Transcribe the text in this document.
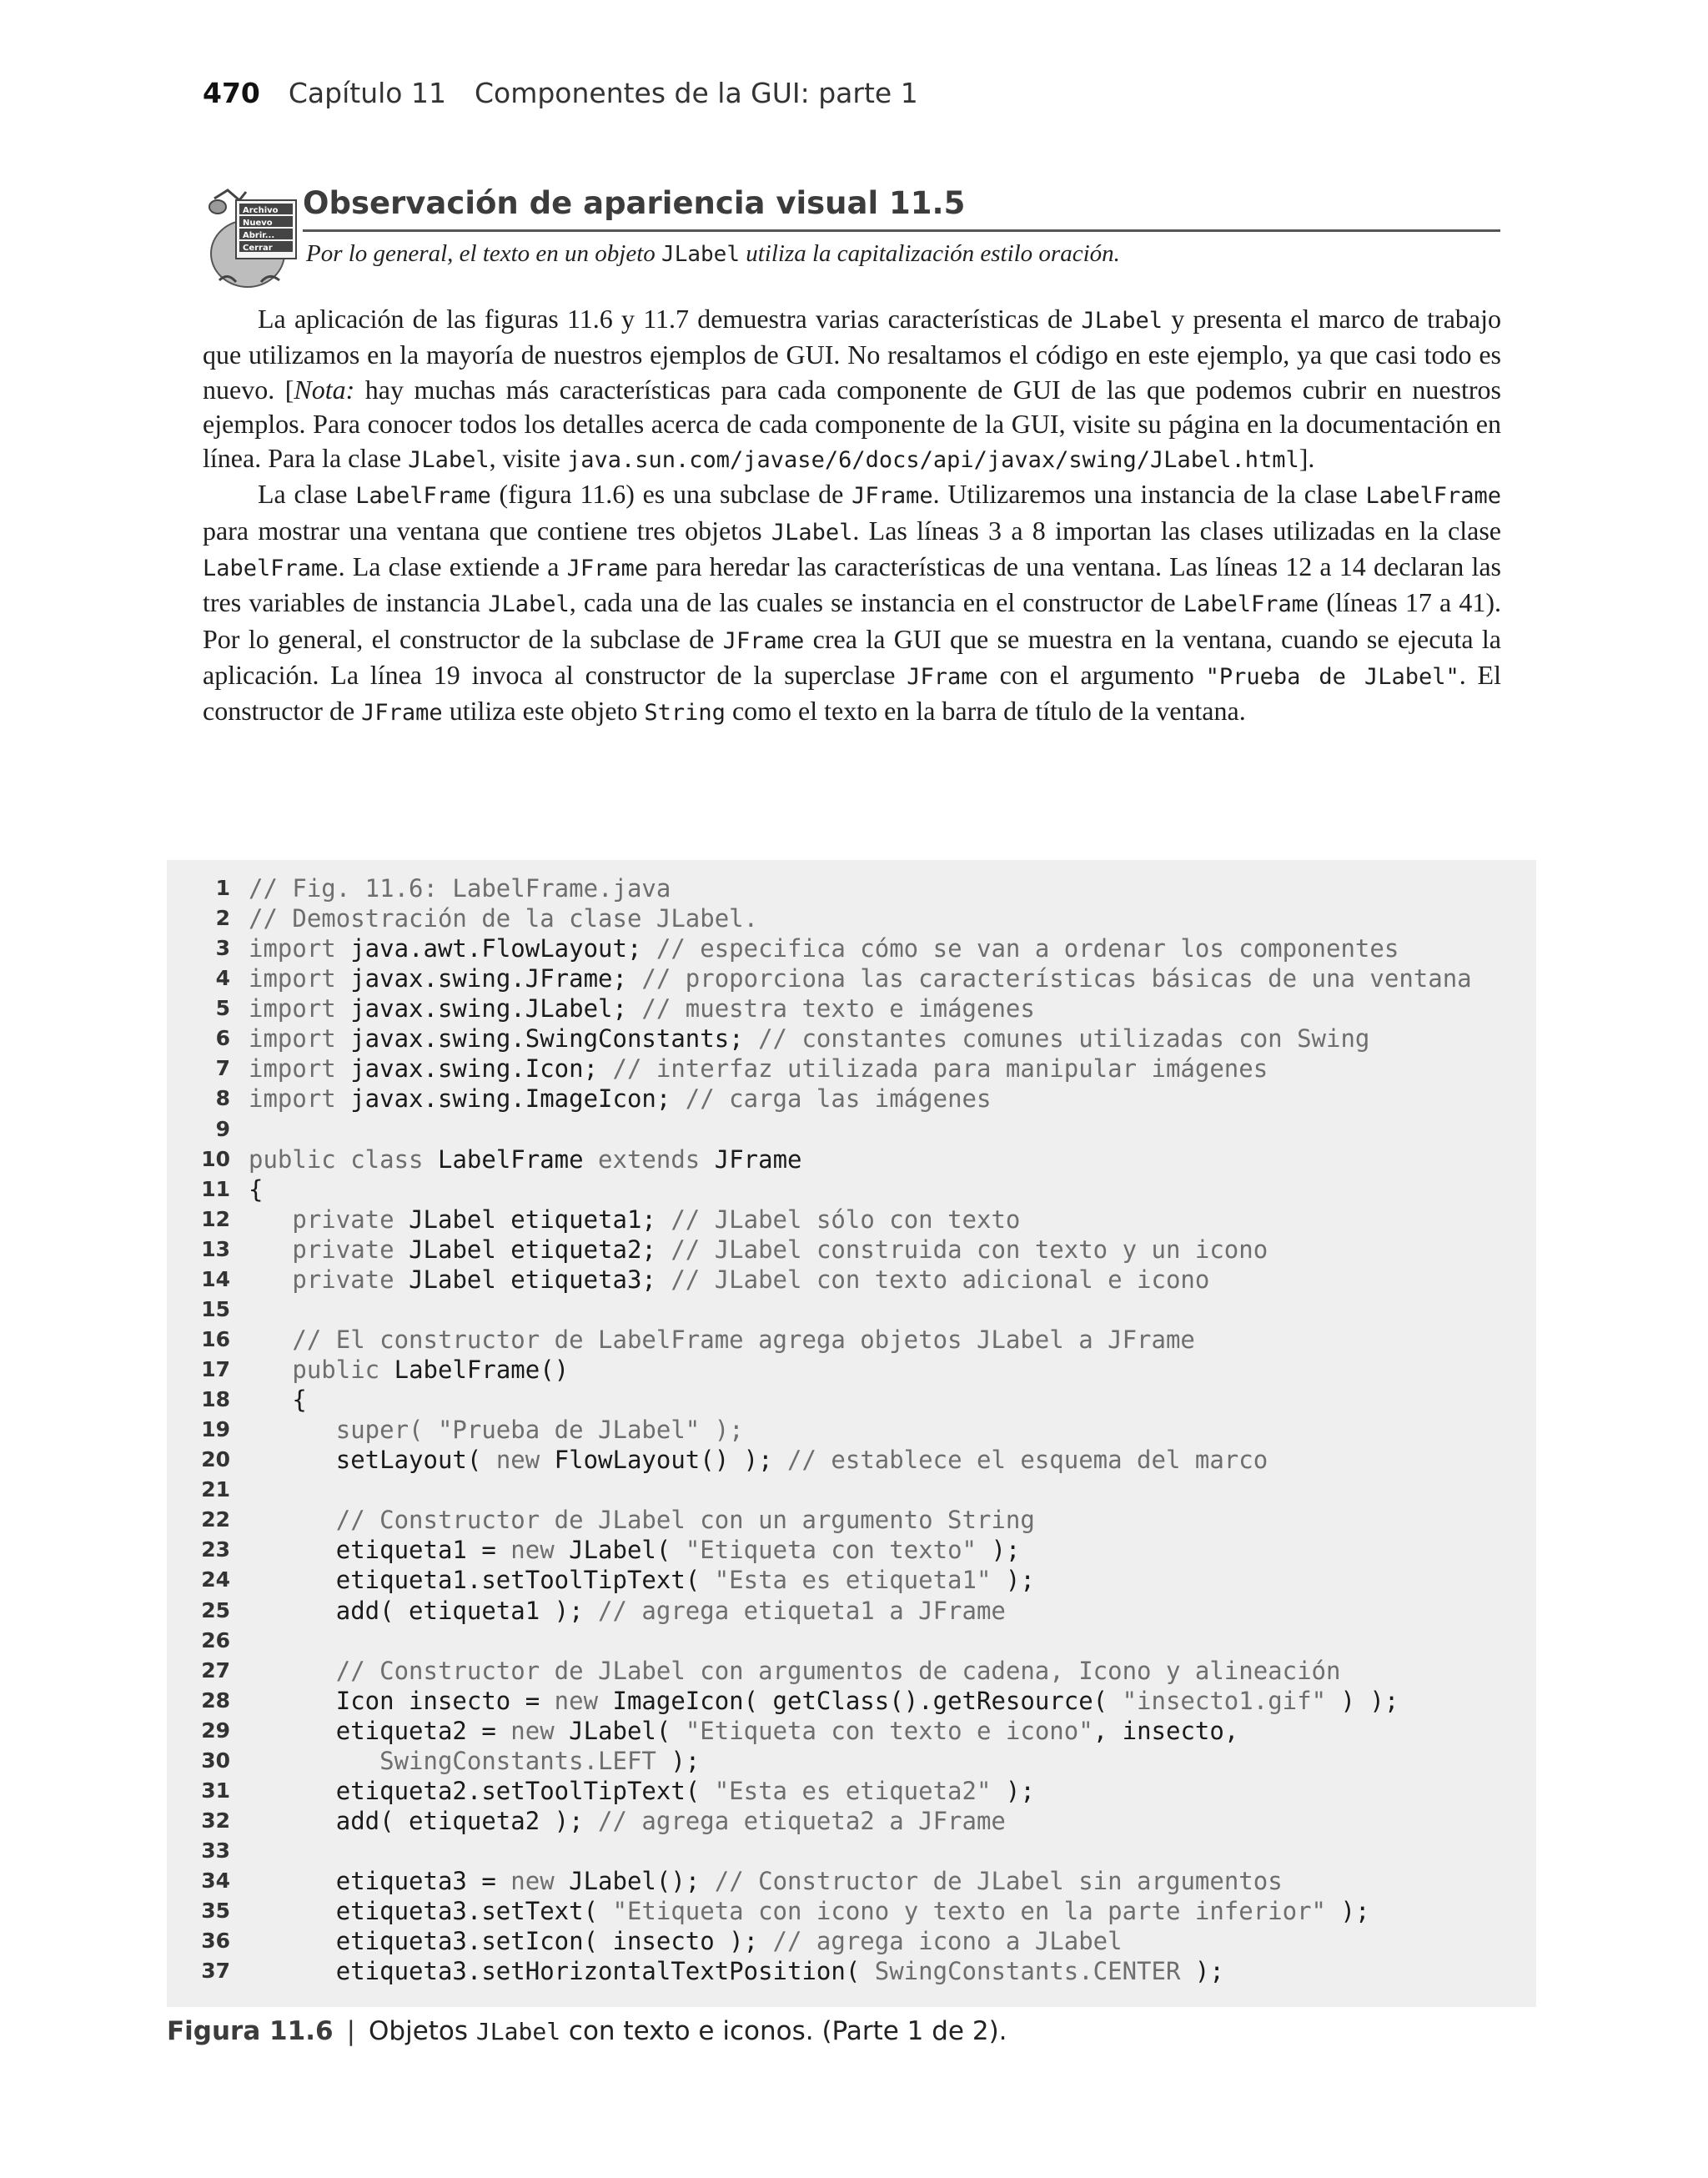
470 Capítulo 11 Componentes de la GUI: parte 1
Archivo
Nuevo
Abrir...
Cerrar
Observación de apariencia visual 11.5
Por lo general, el texto en un objeto JLabel utiliza la capitalización estilo oración.

La aplicación de las figuras 11.6 y 11.7 demuestra varias características de JLabel y presenta el marco de trabajo que utilizamos en la mayoría de nuestros ejemplos de GUI. No resaltamos el código en este ejemplo, ya que casi todo es nuevo. [Nota: hay muchas más características para cada componente de GUI de las que podemos cubrir en nuestros ejemplos. Para conocer todos los detalles acerca de cada componente de la GUI, visite su página en la documentación en línea. Para la clase JLabel, visite java.sun.com/javase/6/docs/api/javax/swing/JLabel.html].

La clase LabelFrame (figura 11.6) es una subclase de JFrame. Utilizaremos una instancia de la clase LabelFrame para mostrar una ventana que contiene tres objetos JLabel. Las líneas 3 a 8 importan las clases utilizadas en la clase LabelFrame. La clase extiende a JFrame para heredar las características de una ventana. Las líneas 12 a 14 declaran las tres variables de instancia JLabel, cada una de las cuales se instancia en el constructor de LabelFrame (líneas 17 a 41). Por lo general, el constructor de la subclase de JFrame crea la GUI que se muestra en la ventana, cuando se ejecuta la aplicación. La línea 19 invoca al constructor de la superclase JFrame con el argumento "Prueba de JLabel". El constructor de JFrame utiliza este objeto String como el texto en la barra de título de la ventana.

1 // Fig. 11.6: LabelFrame.java
2 // Demostración de la clase JLabel.
3 import java.awt.FlowLayout; // especifica cómo se van a ordenar los componentes
4 import javax.swing.JFrame; // proporciona las características básicas de una ventana
5 import javax.swing.JLabel; // muestra texto e imágenes
6 import javax.swing.SwingConstants; // constantes comunes utilizadas con Swing
7 import javax.swing.Icon; // interfaz utilizada para manipular imágenes
8 import javax.swing.ImageIcon; // carga las imágenes
9
10 public class LabelFrame extends JFrame
11 {
12 private JLabel etiqueta1; // JLabel sólo con texto
13 private JLabel etiqueta2; // JLabel construida con texto y un icono
14 private JLabel etiqueta3; // JLabel con texto adicional e icono
15
16 // El constructor de LabelFrame agrega objetos JLabel a JFrame
17 public LabelFrame()
18 {
19 super( "Prueba de JLabel" );
20 setLayout( new FlowLayout() ); // establece el esquema del marco
21
22 // Constructor de JLabel con un argumento String
23 etiqueta1 = new JLabel( "Etiqueta con texto" );
24 etiqueta1.setToolTipText( "Esta es etiqueta1" );
25 add( etiqueta1 ); // agrega etiqueta1 a JFrame
26
27 // Constructor de JLabel con argumentos de cadena, Icono y alineación
28 Icon insecto = new ImageIcon( getClass().getResource( "insecto1.gif" ) );
29 etiqueta2 = new JLabel( "Etiqueta con texto e icono", insecto,
30 SwingConstants.LEFT );
31 etiqueta2.setToolTipText( "Esta es etiqueta2" );
32 add( etiqueta2 ); // agrega etiqueta2 a JFrame
33
34 etiqueta3 = new JLabel(); // Constructor de JLabel sin argumentos
35 etiqueta3.setText( "Etiqueta con icono y texto en la parte inferior" );
36 etiqueta3.setIcon( insecto ); // agrega icono a JLabel
37 etiqueta3.setHorizontalTextPosition( SwingConstants.CENTER );
Figura 11.6 | Objetos JLabel con texto e iconos. (Parte 1 de 2).
